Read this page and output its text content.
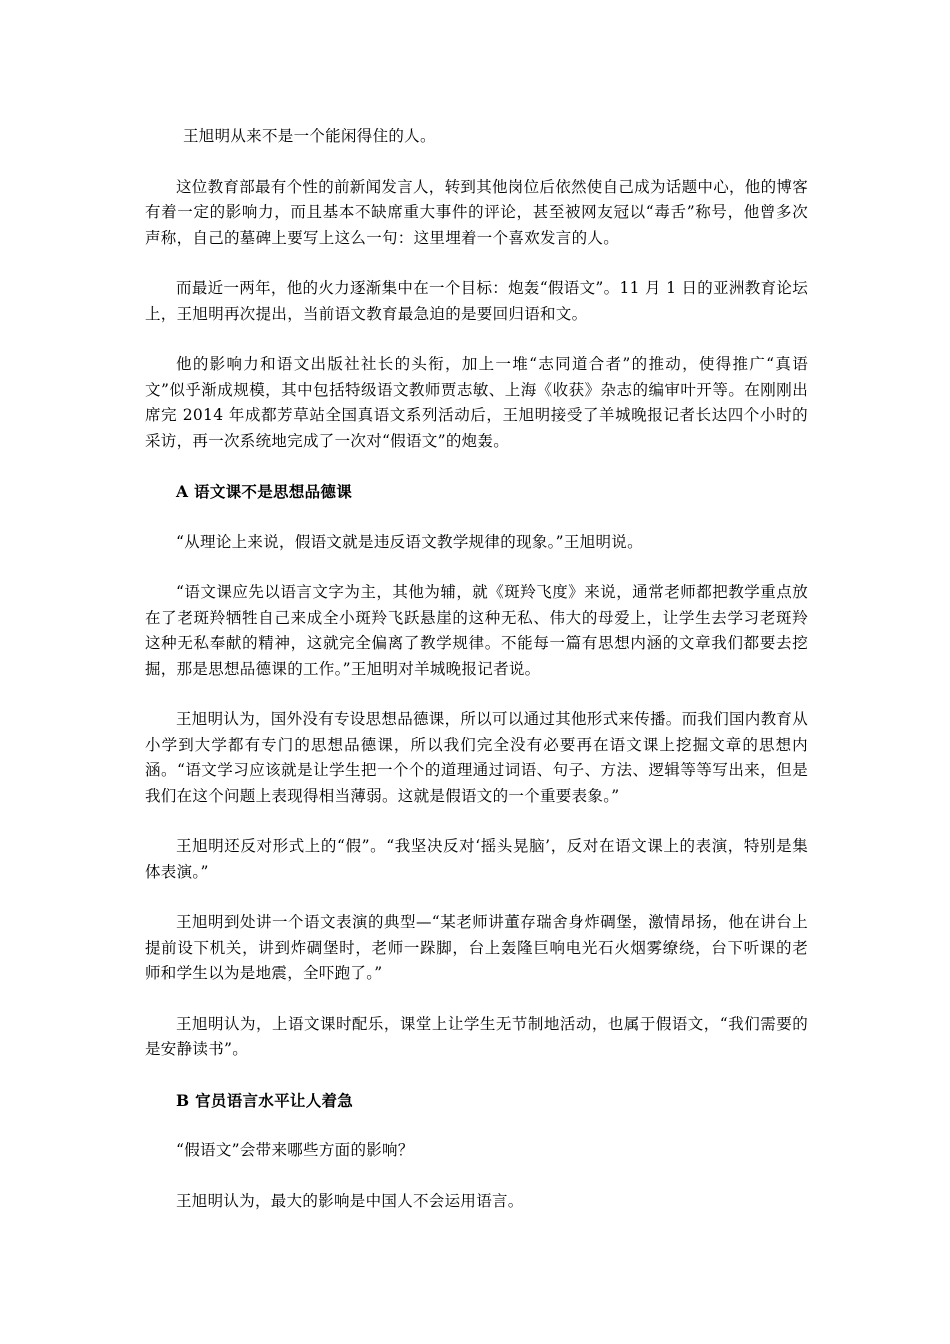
王旭明从来不是一个能闲得住的人。

这位教育部最有个性的前新闻发言人，转到其他岗位后依然使自己成为话题中心，他的博客有着一定的影响力，而且基本不缺席重大事件的评论，甚至被网友冠以“毒舌”称号，他曾多次声称，自己的墓碑上要写上这么一句：这里埋着一个喜欢发言的人。

而最近一两年，他的火力逐渐集中在一个目标：炮轰“假语文”。11 月 1 日的亚洲教育论坛上，王旭明再次提出，当前语文教育最急迫的是要回归语和文。

他的影响力和语文出版社社长的头衔，加上一堆“志同道合者”的推动，使得推广“真语文”似乎渐成规模，其中包括特级语文教师贾志敏、上海《收获》杂志的编审叶开等。在刚刚出席完 2014 年成都芳草站全国真语文系列活动后，王旭明接受了羊城晚报记者长达四个小时的采访，再一次系统地完成了一次对“假语文”的炮轰。

A 语文课不是思想品德课

“从理论上来说，假语文就是违反语文教学规律的现象。”王旭明说。

“语文课应先以语言文字为主，其他为辅，就《斑羚飞度》来说，通常老师都把教学重点放在了老斑羚牺牲自己来成全小斑羚飞跃悬崖的这种无私、伟大的母爱上，让学生去学习老斑羚这种无私奉献的精神，这就完全偏离了教学规律。不能每一篇有思想内涵的文章我们都要去挖掘，那是思想品德课的工作。”王旭明对羊城晚报记者说。

王旭明认为，国外没有专设思想品德课，所以可以通过其他形式来传播。而我们国内教育从小学到大学都有专门的思想品德课，所以我们完全没有必要再在语文课上挖掘文章的思想内涵。“语文学习应该就是让学生把一个个的道理通过词语、句子、方法、逻辑等等写出来，但是我们在这个问题上表现得相当薄弱。这就是假语文的一个重要表象。”

王旭明还反对形式上的“假”。“我坚决反对‘摇头晃脑’，反对在语文课上的表演，特别是集体表演。”

王旭明到处讲一个语文表演的典型—“某老师讲董存瑞舍身炸碉堡，激情昂扬，他在讲台上提前设下机关，讲到炸碉堡时，老师一跺脚，台上轰隆巨响电光石火烟雾缭绕，台下听课的老师和学生以为是地震，全吓跑了。”

王旭明认为，上语文课时配乐，课堂上让学生无节制地活动，也属于假语文，“我们需要的是安静读书”。

B 官员语言水平让人着急

“假语文”会带来哪些方面的影响？

王旭明认为，最大的影响是中国人不会运用语言。
